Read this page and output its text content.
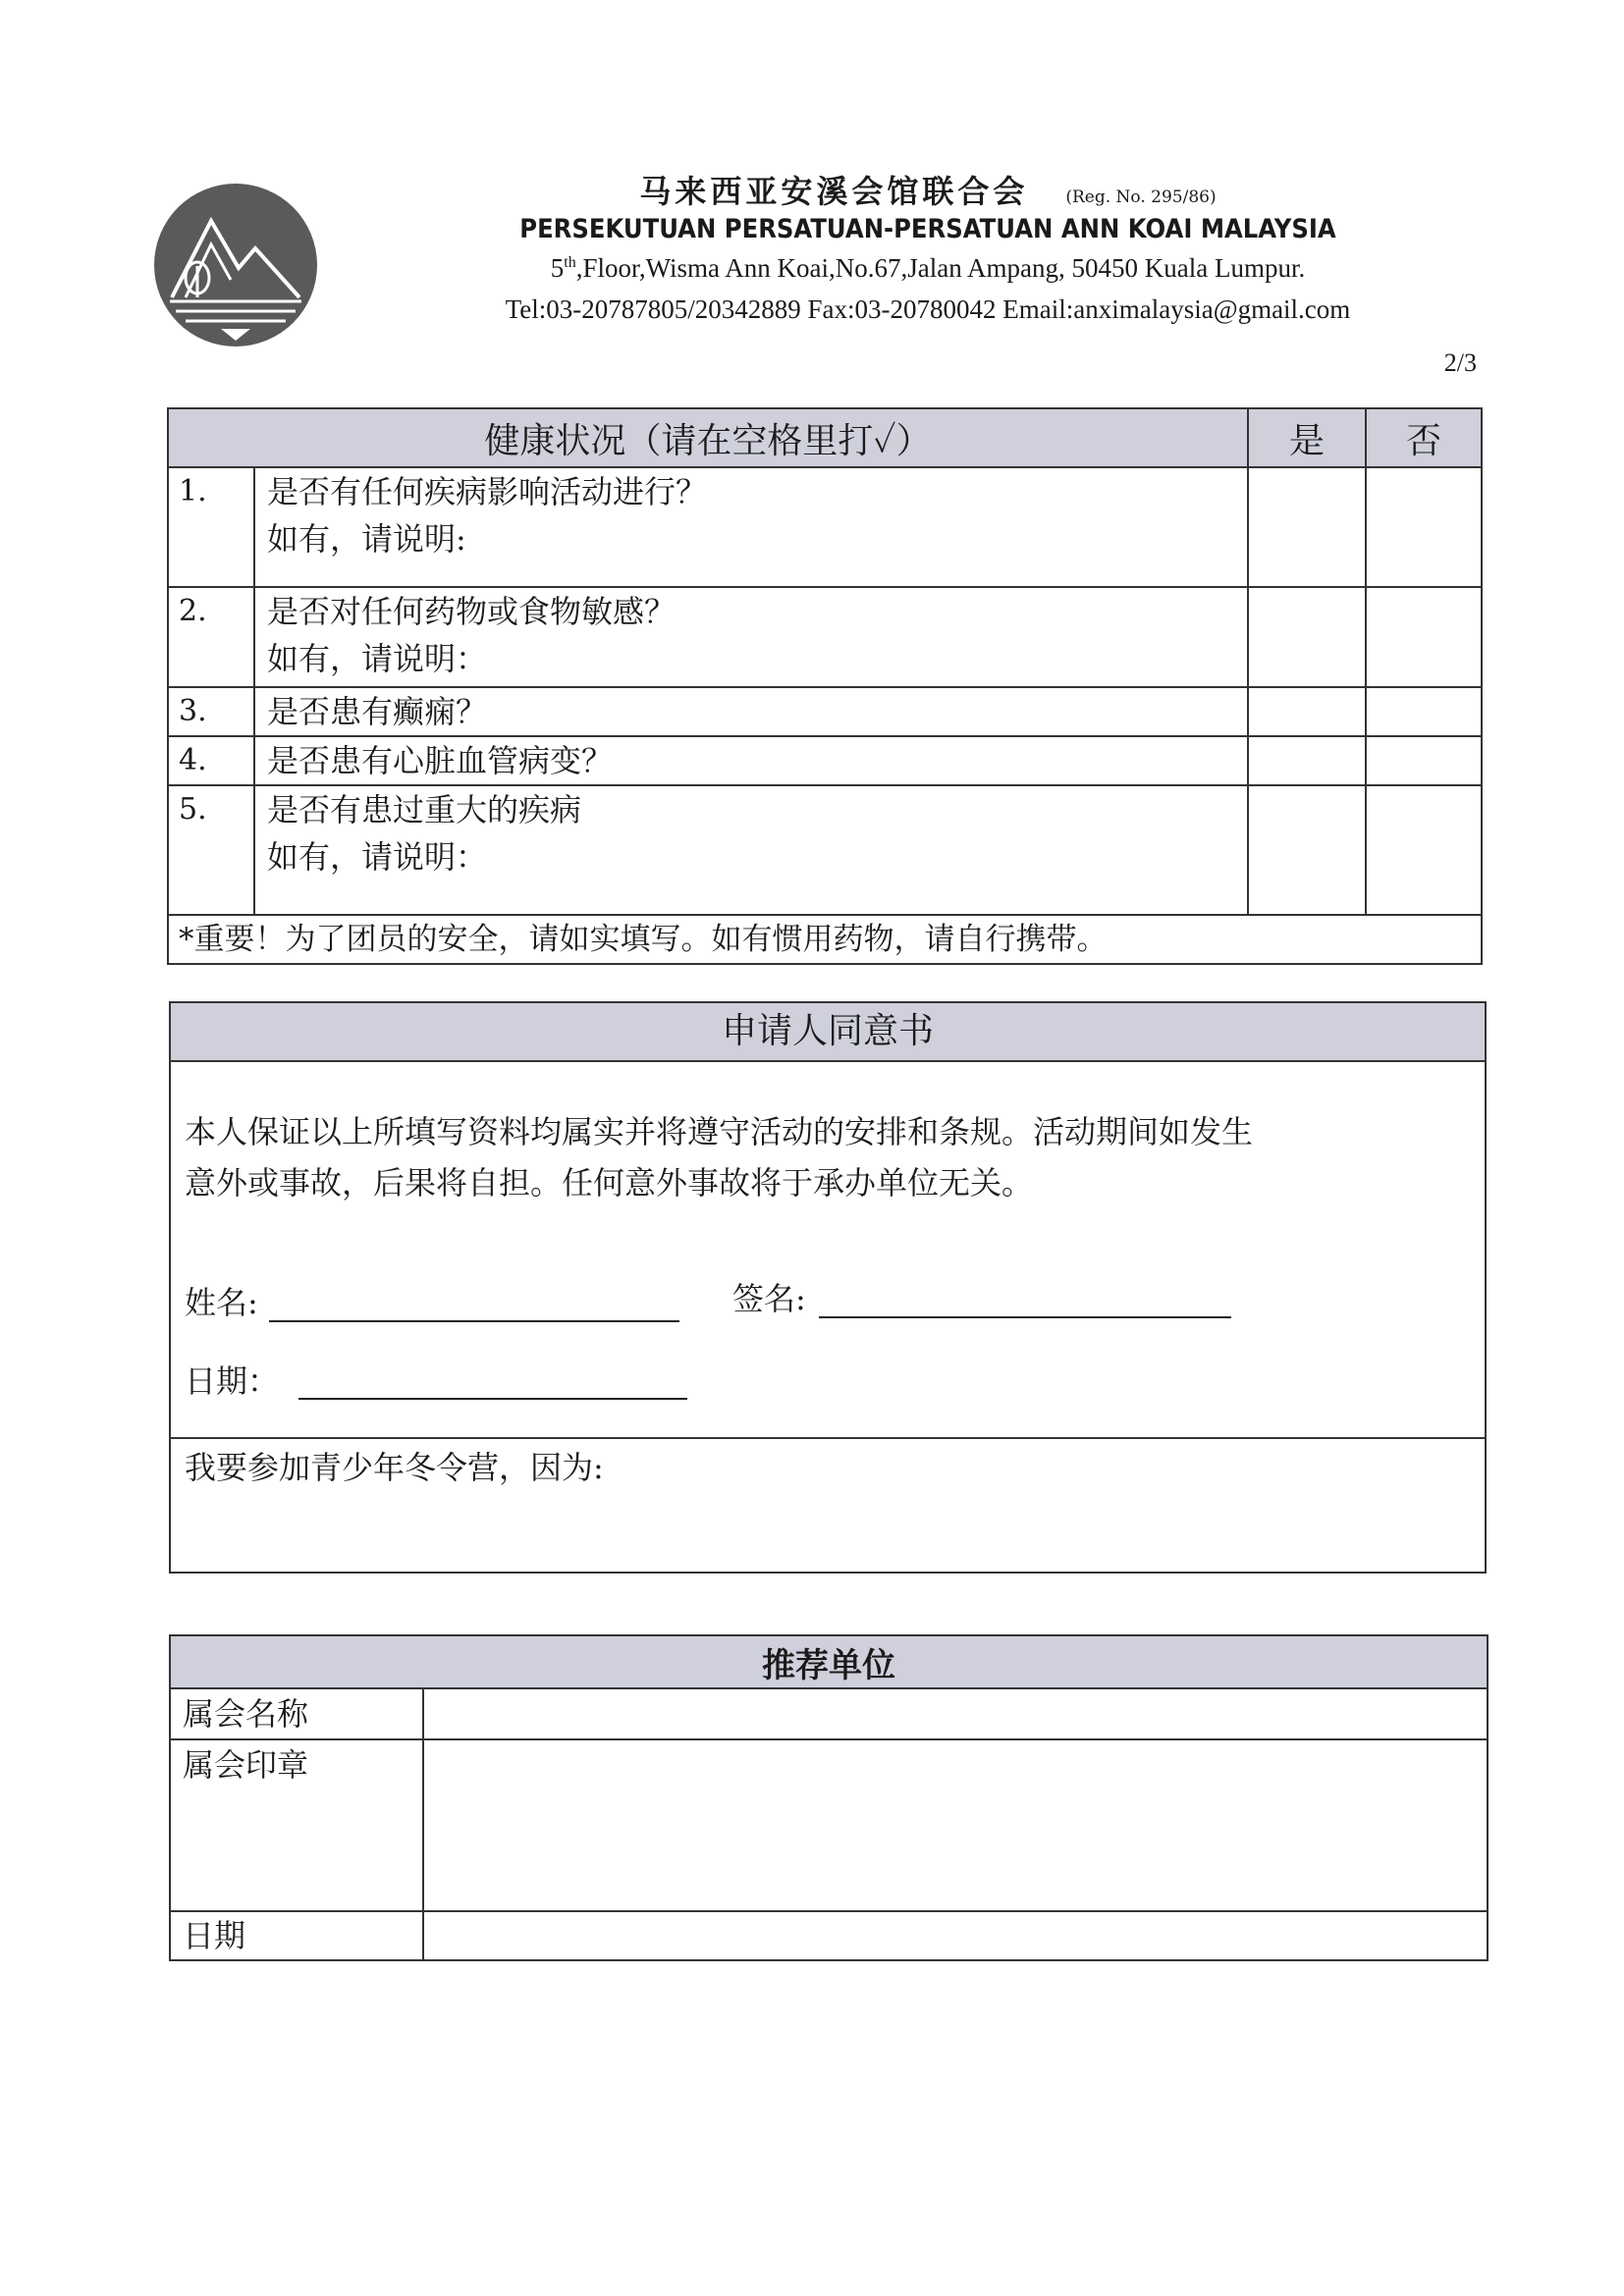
马来西亚安溪会馆联合会 (Reg. No. 295/86)
PERSEKUTUAN PERSATUAN-PERSATUAN ANN KOAI MALAYSIA
5th,Floor,Wisma Ann Koai,No.67,Jalan Ampang, 50450 Kuala Lumpur.
Tel:03-20787805/20342889 Fax:03-20780042 Email:anximalaysia@gmail.com
2/3
健康状况（请在空格里打✓）		是	否
1.	是否有任何疾病影响活动进行？
如有，请说明:		

2.	是否对任何药物或食物敏感？
如有，请说明：		

3.	是否患有癫痫？		
4.	是否患有心脏血管病变？		
5.	是否有患过重大的疾病
如有，请说明：		

*重要！为了团员的安全，请如实填写。如有惯用药物，请自行携带。			
申请人同意书
本人保证以上所填写资料均属实并将遵守活动的安排和条规。活动期间如发生
意外或事故，后果将自担。任何意外事故将于承办单位无关。
姓名:	签名:
日期：
我要参加青少年冬令营，因为:
推荐单位	
属会名称	
属会印章	
日期	
